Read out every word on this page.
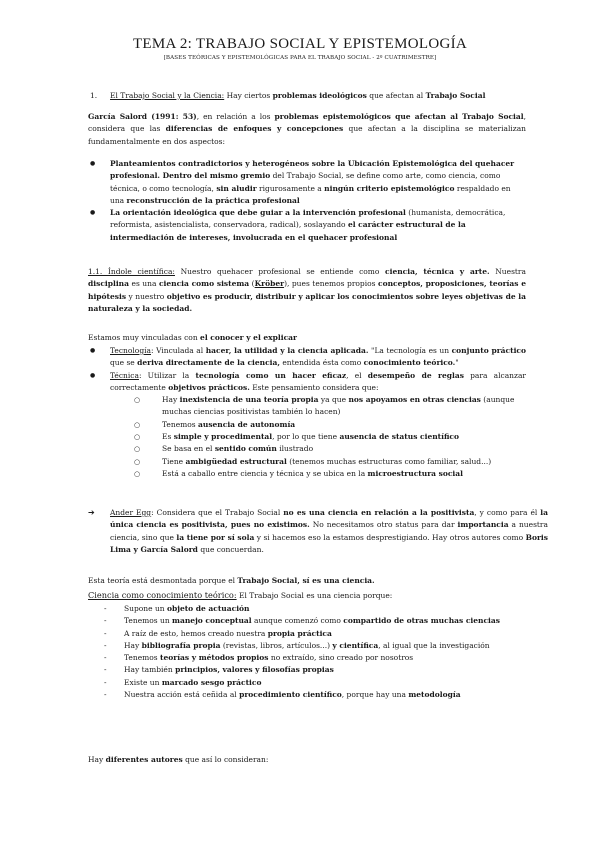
TEMA 2: TRABAJO SOCIAL Y EPISTEMOLOGÍA
[BASES TEÓRICAS Y EPISTEMOLÓGICAS PARA EL TRABAJO SOCIAL - 2º CUATRIMESTRE]
1. El Trabajo Social y la Ciencia: Hay ciertos problemas ideológicos que afectan al Trabajo Social
García Salord (1991: 53), en relación a los problemas epistemológicos que afectan al Trabajo Social, considera que las diferencias de enfoques y concepciones que afectan a la disciplina se materializan fundamentalmente en dos aspectos:
● Planteamientos contradictorios y heterogéneos sobre la Ubicación Epistemológica del quehacer profesional. Dentro del mismo gremio del Trabajo Social, se define como arte, como ciencia, como técnica, o como tecnología, sin aludir rigurosamente a ningún criterio epistemológico respaldado en una reconstrucción de la práctica profesional
● La orientación ideológica que debe guiar a la intervención profesional (humanista, democrática, reformista, asistencialista, conservadora, radical), soslayando el carácter estructural de la intermediación de intereses, involucrada en el quehacer profesional
1.1. Índole científica: Nuestro quehacer profesional se entiende como ciencia, técnica y arte. Nuestra disciplina es una ciencia como sistema (Kröber), pues tenemos propios conceptos, proposiciones, teorías e hipótesis y nuestro objetivo es producir, distribuir y aplicar los conocimientos sobre leyes objetivas de la naturaleza y la sociedad.
Estamos muy vinculadas con el conocer y el explicar
● Tecnología: Vinculada al hacer, la utilidad y la ciencia aplicada. "La tecnología es un conjunto práctico que se deriva directamente de la ciencia, entendida ésta como conocimiento teórico."
● Técnica: Utilizar la tecnología como un hacer eficaz, el desempeño de reglas para alcanzar correctamente objetivos prácticos. Este pensamiento considera que:
○ Hay inexistencia de una teoría propia ya que nos apoyamos en otras ciencias (aunque muchas ciencias positivistas también lo hacen)
○ Tenemos ausencia de autonomía
○ Es simple y procedimental, por lo que tiene ausencia de status científico
○ Se basa en el sentido común ilustrado
○ Tiene ambigüedad estructural (tenemos muchas estructuras como familiar, salud...)
○ Está a caballo entre ciencia y técnica y se ubica en la microestructura social
➔ Ander Egg: Considera que el Trabajo Social no es una ciencia en relación a la positivista, y como para él la única ciencia es positivista, pues no existimos. No necesitamos otro status para dar importancia a nuestra ciencia, sino que la tiene por sí sola y si hacemos eso la estamos desprestigiando. Hay otros autores como Boris Lima y García Salord que concuerdan.
Esta teoría está desmontada porque el Trabajo Social, sí es una ciencia.
Ciencia como conocimiento teórico: El Trabajo Social es una ciencia porque:
- Supone un objeto de actuación
- Tenemos un manejo conceptual aunque comenzó como compartido de otras muchas ciencias
- A raíz de esto, hemos creado nuestra propia práctica
- Hay bibliografía propia (revistas, libros, artículos...) y científica, al igual que la investigación
- Tenemos teorías y métodos propios no extraído, sino creado por nosotros
- Hay también principios, valores y filosofías propias
- Existe un marcado sesgo práctico
- Nuestra acción está ceñida al procedimiento científico, porque hay una metodología
Hay diferentes autores que así lo consideran:
